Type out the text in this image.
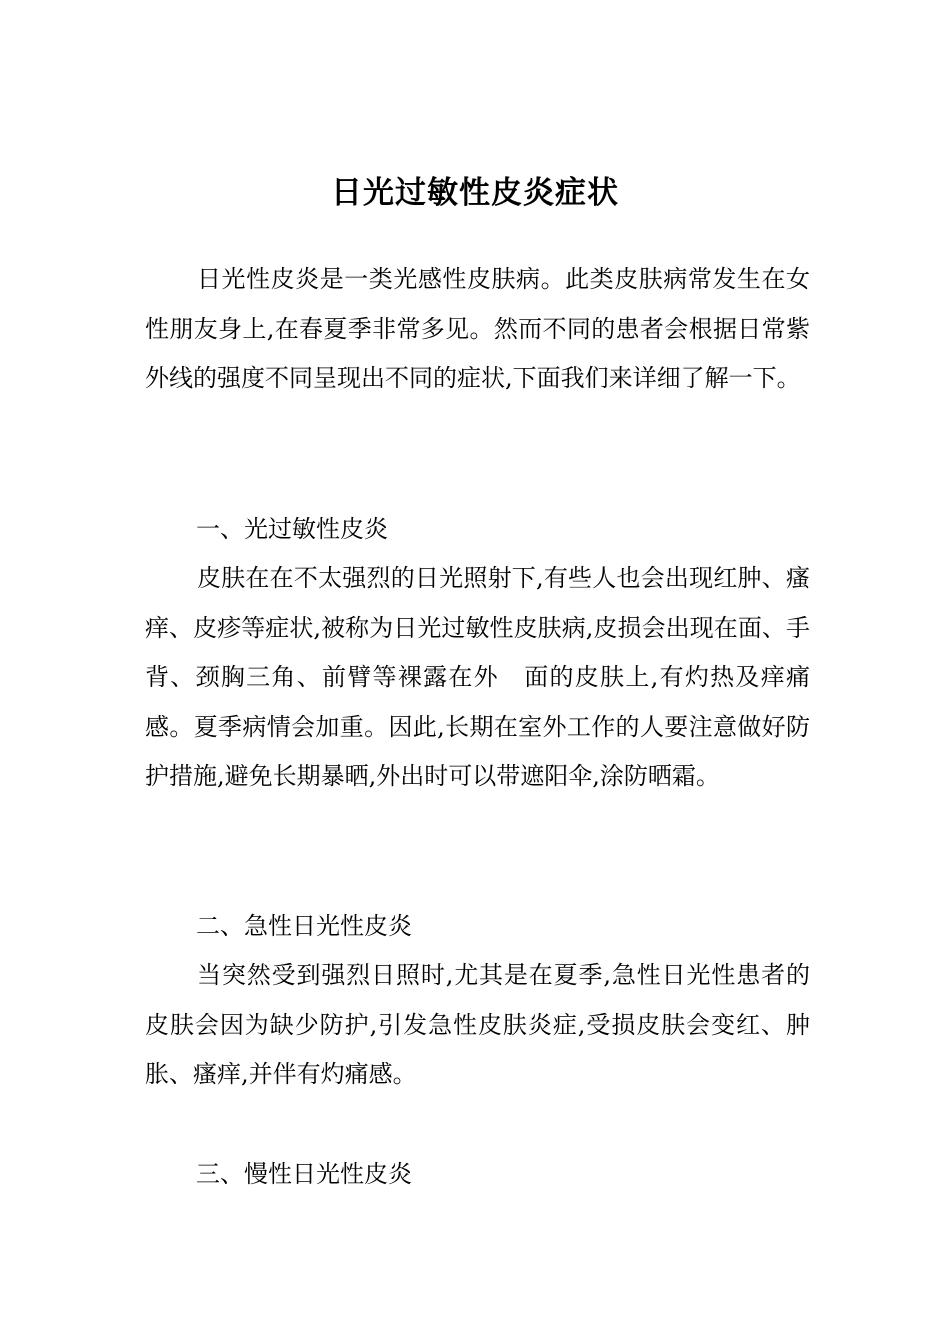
日光过敏性皮炎症状

日光性皮炎是一类光感性皮肤病。此类皮肤病常发生在女性朋友身上,在春夏季非常多见。然而不同的患者会根据日常紫外线的强度不同呈现出不同的症状,下面我们来详细了解一下。

一、光过敏性皮炎

皮肤在在不太强烈的日光照射下,有些人也会出现红肿、瘙痒、皮疹等症状,被称为日光过敏性皮肤病,皮损会出现在面、手背、颈胸三角、前臂等裸露在外　面的皮肤上,有灼热及痒痛感。夏季病情会加重。因此,长期在室外工作的人要注意做好防护措施,避免长期暴晒,外出时可以带遮阳伞,涂防晒霜。

二、急性日光性皮炎

当突然受到强烈日照时,尤其是在夏季,急性日光性患者的皮肤会因为缺少防护,引发急性皮肤炎症,受损皮肤会变红、肿胀、瘙痒,并伴有灼痛感。

三、慢性日光性皮炎
